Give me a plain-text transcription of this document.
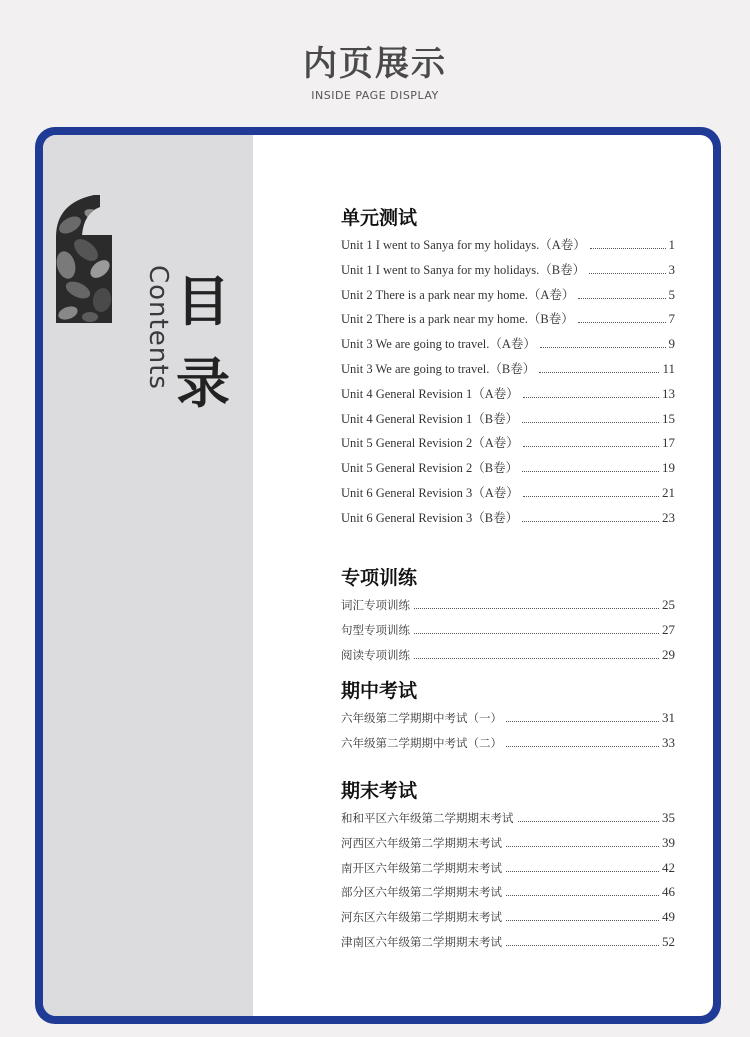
内页展示
INSIDE PAGE DISPLAY
目
录
Contents
单元测试
Unit 1 I went to Sanya for my holidays.（A卷）	1
Unit 1 I went to Sanya for my holidays.（B卷）	3
Unit 2 There is a park near my home.（A卷）	5
Unit 2 There is a park near my home.（B卷）	7
Unit 3 We are going to travel.（A卷）	9
Unit 3 We are going to travel.（B卷）	11
Unit 4 General Revision 1（A卷）	13
Unit 4 General Revision 1（B卷）	15
Unit 5 General Revision 2（A卷）	17
Unit 5 General Revision 2（B卷）	19
Unit 6 General Revision 3（A卷）	21
Unit 6 General Revision 3（B卷）	23
专项训练
词汇专项训练	25
句型专项训练	27
阅读专项训练	29
期中考试
六年级第二学期期中考试（一）	31
六年级第二学期期中考试（二）	33
期末考试
和和平区六年级第二学期期末考试	35
河西区六年级第二学期期末考试	39
南开区六年级第二学期期末考试	42
部分区六年级第二学期期末考试	46
河东区六年级第二学期期末考试	49
津南区六年级第二学期期末考试	52
